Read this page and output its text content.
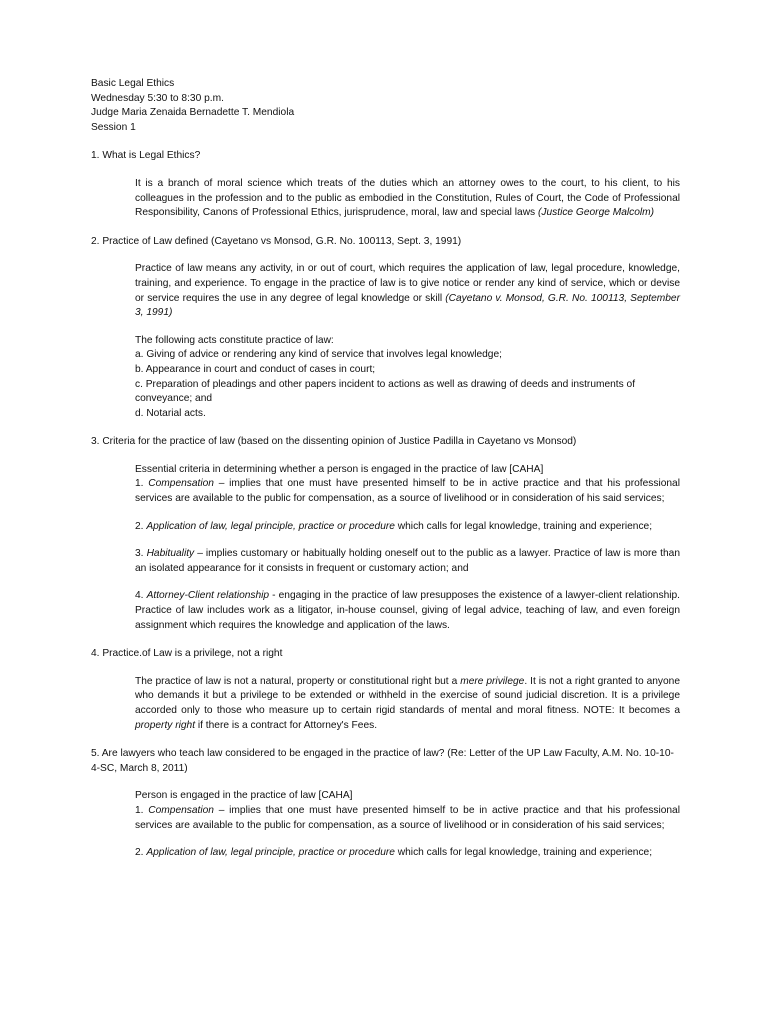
Basic Legal Ethics
Wednesday 5:30 to 8:30 p.m.
Judge Maria Zenaida Bernadette T. Mendiola
Session 1

1. What is Legal Ethics?

It is a branch of moral science which treats of the duties which an attorney owes to the court, to his client, to his colleagues in the profession and to the public as embodied in the Constitution, Rules of Court, the Code of Professional Responsibility, Canons of Professional Ethics, jurisprudence, moral, law and special laws (Justice George Malcolm)

2. Practice of Law defined (Cayetano vs Monsod, G.R. No. 100113, Sept. 3, 1991)

Practice of law means any activity, in or out of court, which requires the application of law, legal procedure, knowledge, training, and experience. To engage in the practice of law is to give notice or render any kind of service, which or devise or service requires the use in any degree of legal knowledge or skill (Cayetano v. Monsod, G.R. No. 100113, September 3, 1991)

The following acts constitute practice of law:

a. Giving of advice or rendering any kind of service that involves legal knowledge;

b. Appearance in court and conduct of cases in court;

c. Preparation of pleadings and other papers incident to actions as well as drawing of deeds and instruments of conveyance; and

d. Notarial acts.

3. Criteria for the practice of law (based on the dissenting opinion of Justice Padilla in Cayetano vs Monsod)

Essential criteria in determining whether a person is engaged in the practice of law [CAHA]

1. Compensation – implies that one must have presented himself to be in active practice and that his professional services are available to the public for compensation, as a source of livelihood or in consideration of his said services;

2. Application of law, legal principle, practice or procedure which calls for legal knowledge, training and experience;

3. Habituality – implies customary or habitually holding oneself out to the public as a lawyer. Practice of law is more than an isolated appearance for it consists in frequent or customary action; and

4. Attorney-Client relationship - engaging in the practice of law presupposes the existence of a lawyer-client relationship. Practice of law includes work as a litigator, in-house counsel, giving of legal advice, teaching of law, and even foreign assignment which requires the knowledge and application of the laws.

4. Practice.of Law is a privilege, not a right

The practice of law is not a natural, property or constitutional right but a mere privilege. It is not a right granted to anyone who demands it but a privilege to be extended or withheld in the exercise of sound judicial discretion. It is a privilege accorded only to those who measure up to certain rigid standards of mental and moral fitness. NOTE: It becomes a property right if there is a contract for Attorney's Fees.

5. Are lawyers who teach law considered to be engaged in the practice of law? (Re: Letter of the UP Law Faculty, A.M. No. 10-10-4-SC, March 8, 2011)

Person is engaged in the practice of law [CAHA]

1. Compensation – implies that one must have presented himself to be in active practice and that his professional services are available to the public for compensation, as a source of livelihood or in consideration of his said services;

2. Application of law, legal principle, practice or procedure which calls for legal knowledge, training and experience;
